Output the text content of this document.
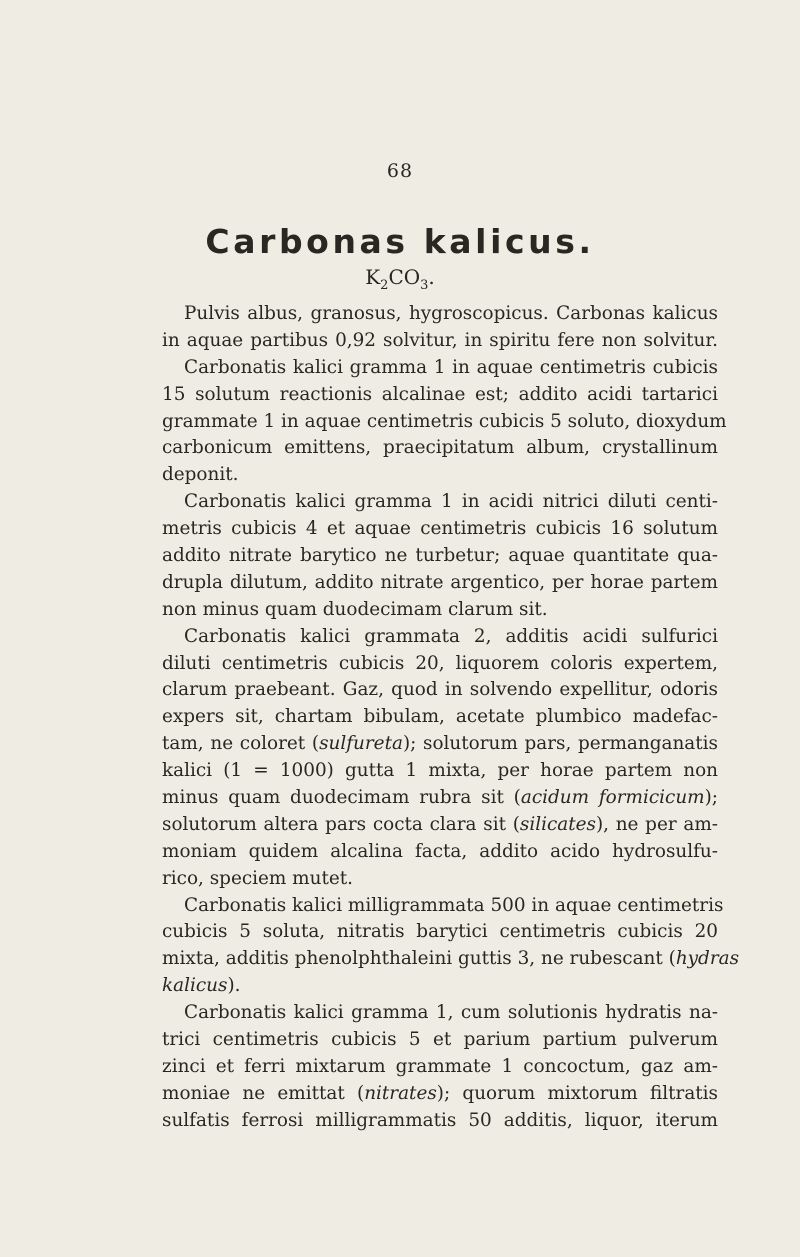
68
Carbonas kalicus.
$K_2CO_3$.
Pulvis albus, granosus, hygroscopicus. Carbonas kalicus
in aquae partibus 0,92 solvitur, in spiritu fere non solvitur.
Carbonatis kalici gramma 1 in aquae centimetris cubicis
15 solutum reactionis alcalinae est; addito acidi tartarici
grammate 1 in aquae centimetris cubicis 5 soluto, dioxydum
carbonicum emittens, praecipitatum album, crystallinum
deponit.
Carbonatis kalici gramma 1 in acidi nitrici diluti centi-
metris cubicis 4 et aquae centimetris cubicis 16 solutum
addito nitrate barytico ne turbetur; aquae quantitate qua-
drupla dilutum, addito nitrate argentico, per horae partem
non minus quam duodecimam clarum sit.
Carbonatis kalici grammata 2, additis acidi sulfurici
diluti centimetris cubicis 20, liquorem coloris expertem,
clarum praebeant. Gaz, quod in solvendo expellitur, odoris
expers sit, chartam bibulam, acetate plumbico madefac-
tam, ne coloret (sulfureta); solutorum pars, permanganatis
kalici (1 = 1000) gutta 1 mixta, per horae partem non
minus quam duodecimam rubra sit (acidum formicicum);
solutorum altera pars cocta clara sit (silicates), ne per am-
moniam quidem alcalina facta, addito acido hydrosulfu-
rico, speciem mutet.
Carbonatis kalici milligrammata 500 in aquae centimetris
cubicis 5 soluta, nitratis barytici centimetris cubicis 20
mixta, additis phenolphthaleini guttis 3, ne rubescant (hydras
kalicus).
Carbonatis kalici gramma 1, cum solutionis hydratis na-
trici centimetris cubicis 5 et parium partium pulverum
zinci et ferri mixtarum grammate 1 concoctum, gaz am-
moniae ne emittat (nitrates); quorum mixtorum filtratis
sulfatis ferrosi milligrammatis 50 additis, liquor, iterum
